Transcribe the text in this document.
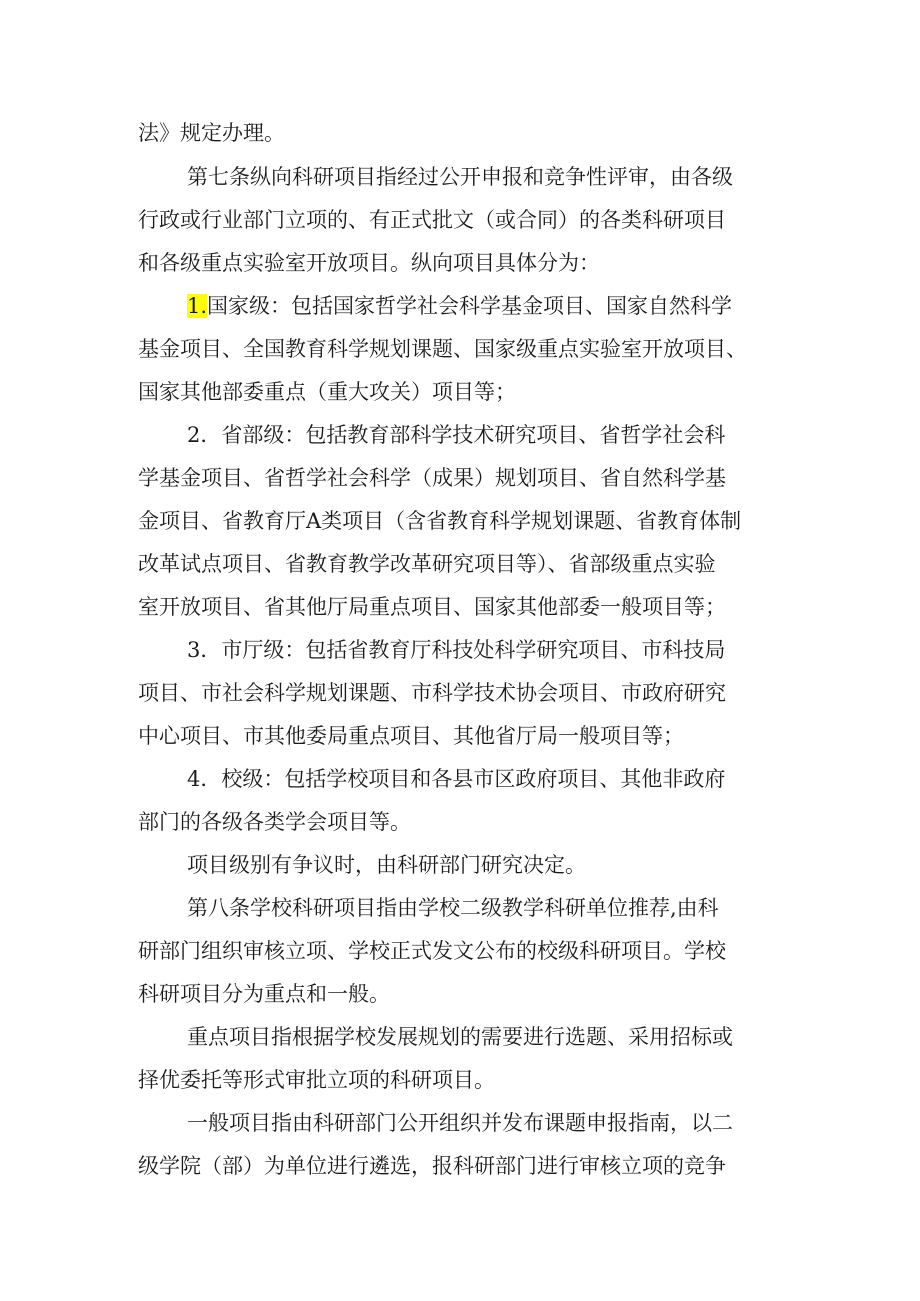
法》规定办理。

第七条纵向科研项目指经过公开申报和竞争性评审，由各级

行政或行业部门立项的、有正式批文（或合同）的各类科研项目

和各级重点实验室开放项目。纵向项目具体分为：

1.国家级：包括国家哲学社会科学基金项目、国家自然科学

基金项目、全国教育科学规划课题、国家级重点实验室开放项目、

国家其他部委重点（重大攻关）项目等；

2．省部级：包括教育部科学技术研究项目、省哲学社会科

学基金项目、省哲学社会科学（成果）规划项目、省自然科学基

金项目、省教育厅A类项目（含省教育科学规划课题、省教育体制

改革试点项目、省教育教学改革研究项目等）、省部级重点实验

室开放项目、省其他厅局重点项目、国家其他部委一般项目等；

3．市厅级：包括省教育厅科技处科学研究项目、市科技局

项目、市社会科学规划课题、市科学技术协会项目、市政府研究

中心项目、市其他委局重点项目、其他省厅局一般项目等；

4．校级：包括学校项目和各县市区政府项目、其他非政府

部门的各级各类学会项目等。

项目级别有争议时，由科研部门研究决定。

第八条学校科研项目指由学校二级教学科研单位推荐,由科

研部门组织审核立项、学校正式发文公布的校级科研项目。学校

科研项目分为重点和一般。

重点项目指根据学校发展规划的需要进行选题、采用招标或

择优委托等形式审批立项的科研项目。

一般项目指由科研部门公开组织并发布课题申报指南，以二

级学院（部）为单位进行遴选，报科研部门进行审核立项的竞争
